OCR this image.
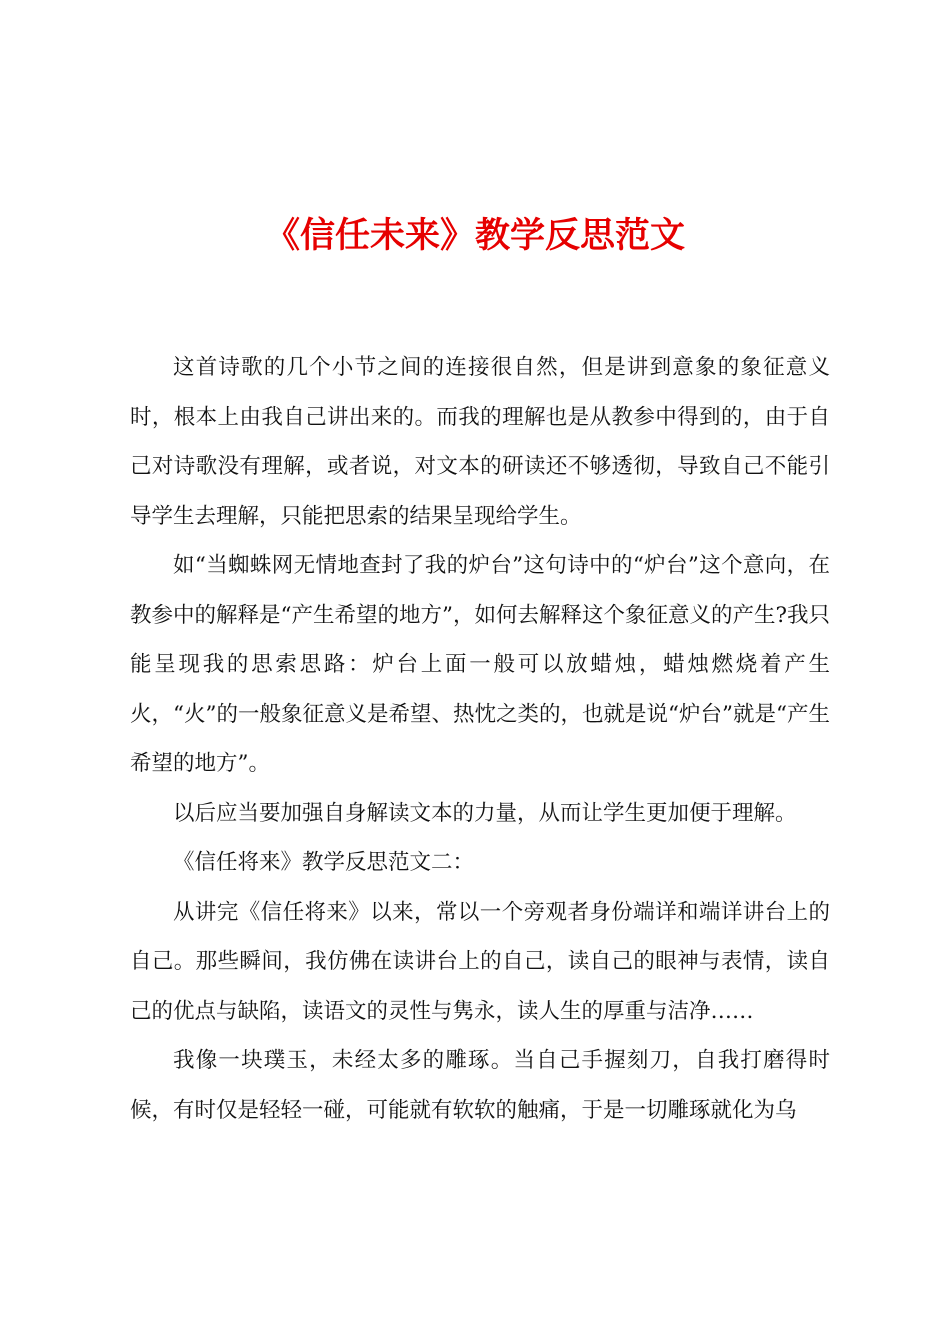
《信任未来》教学反思范文

这首诗歌的几个小节之间的连接很自然，但是讲到意象的象征意义时，根本上由我自己讲出来的。而我的理解也是从教参中得到的，由于自己对诗歌没有理解，或者说，对文本的研读还不够透彻，导致自己不能引导学生去理解，只能把思索的结果呈现给学生。

如“当蜘蛛网无情地查封了我的炉台”这句诗中的“炉台”这个意向，在教参中的解释是“产生希望的地方”，如何去解释这个象征意义的产生?我只能呈现我的思索思路：炉台上面一般可以放蜡烛，蜡烛燃烧着产生火，“火”的一般象征意义是希望、热忱之类的，也就是说“炉台”就是“产生希望的地方”。

以后应当要加强自身解读文本的力量，从而让学生更加便于理解。

《信任将来》教学反思范文二：

从讲完《信任将来》以来，常以一个旁观者身份端详和端详讲台上的自己。那些瞬间，我仿佛在读讲台上的自己，读自己的眼神与表情，读自己的优点与缺陷，读语文的灵性与隽永，读人生的厚重与洁净……

我像一块璞玉，未经太多的雕琢。当自己手握刻刀，自我打磨得时候，有时仅是轻轻一碰，可能就有软软的触痛，于是一切雕琢就化为乌
